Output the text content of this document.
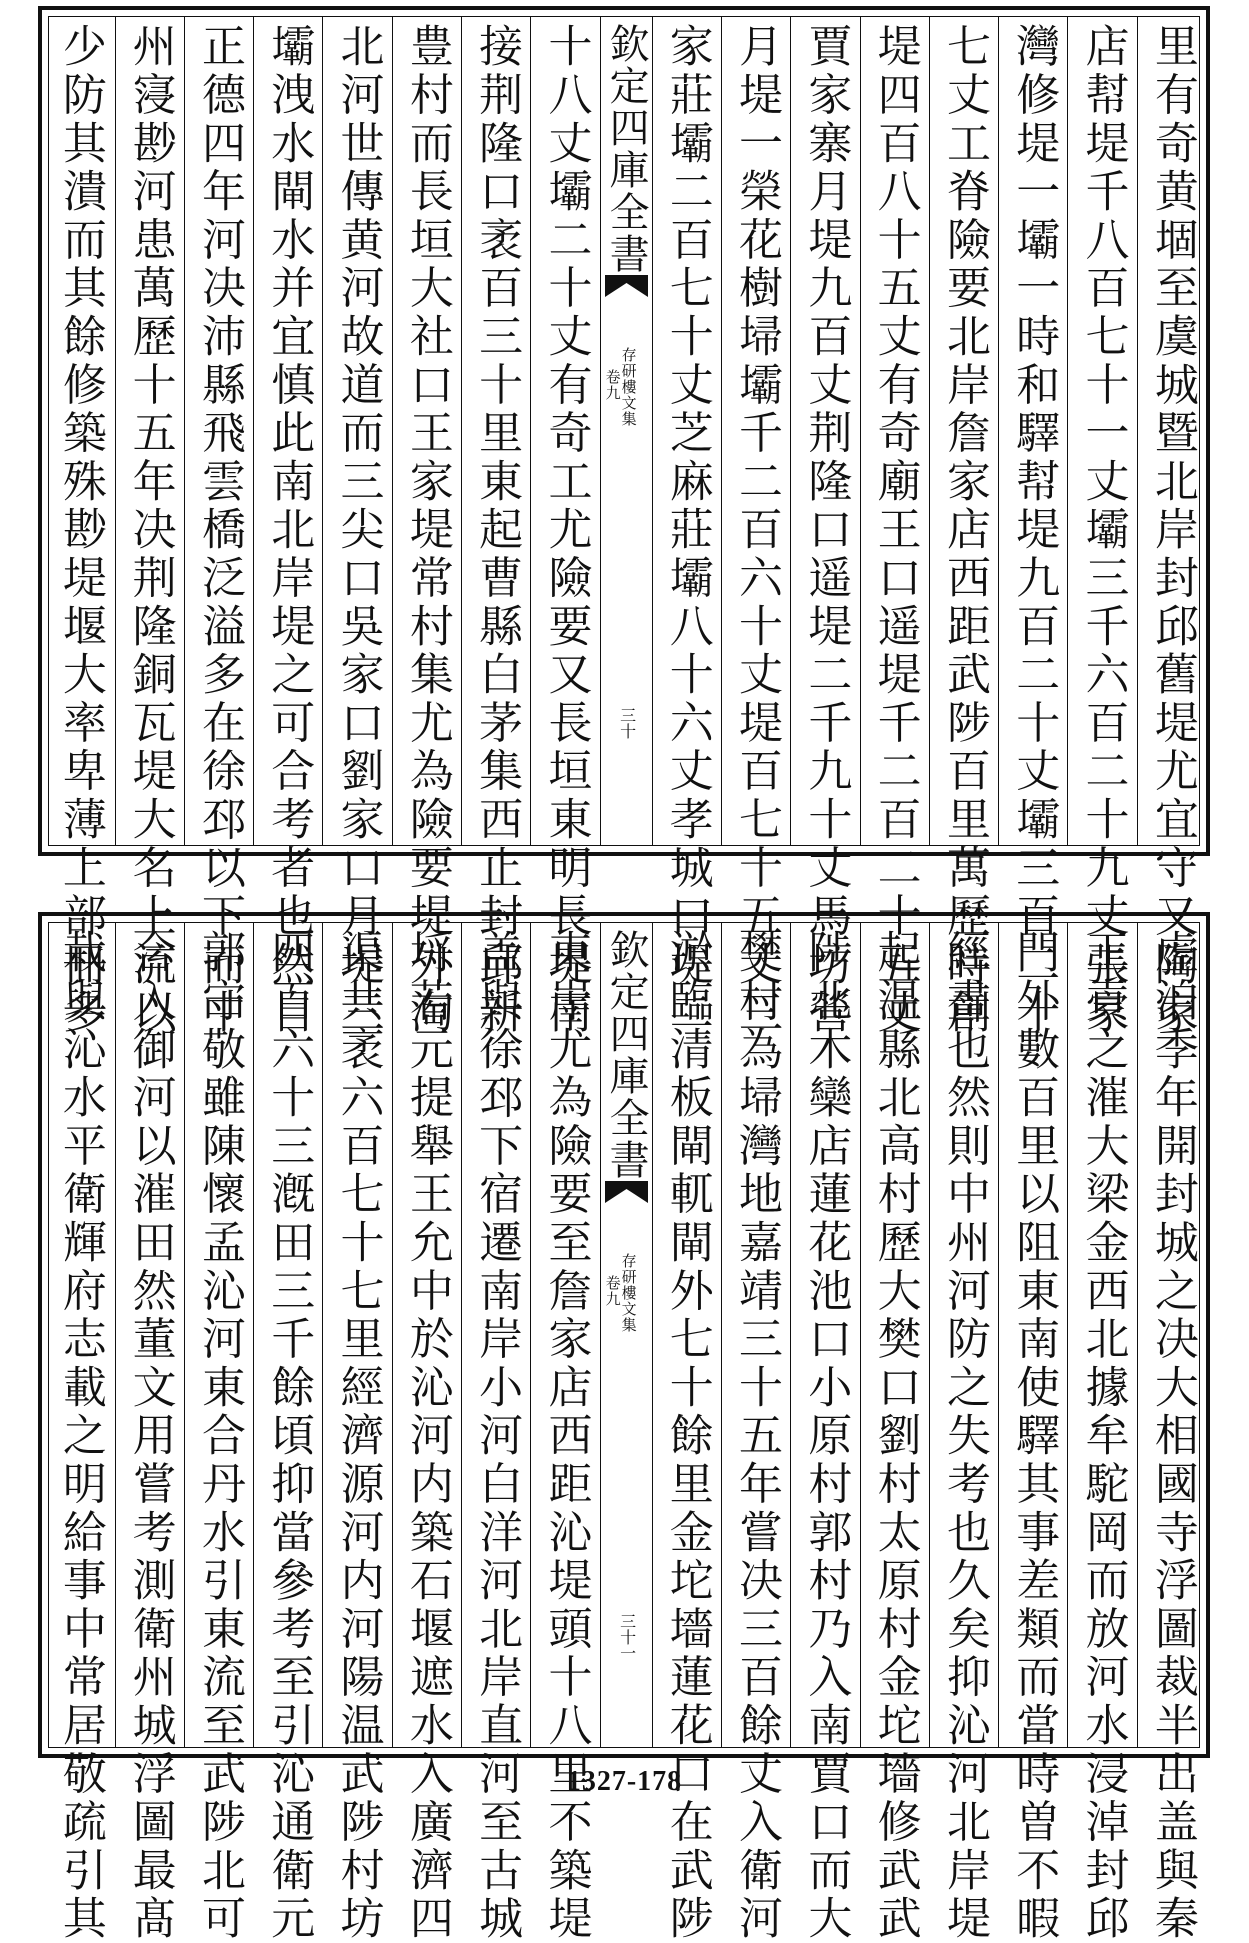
里有奇黄堌至虞城暨北岸封邱舊堤尤宜守又陶家
店幇堤千八百七十一丈壩三千六百二十九丈張家
灣修堤一壩一時和驛幇堤九百二十丈壩三百二十
七丈工脊險要北岸詹家店西距武陟百里萬歷時創
堤四百八十五丈有奇廟王口遥堤千二百二十五丈
賈家寨月堤九百丈荆隆口遥堤二千九十丈馬坊營
月堤一榮花樹埽壩千二百六十丈堤百七十五丈三
家莊壩二百七十丈芝麻莊壩八十六丈孝城口堤二
欽定四庫全書
存研樓文集
卷九
三十
十八丈壩二十丈有奇工尤險要又長垣東明長堤南
接荆隆口袤百三十里東起曹縣白茅集西止封邱新
豊村而長垣大社口王家堤常村集尤為險要堤外淘
北河世傳黄河故道而三尖口吳家口劉家口月堤三
壩洩水閘水并宜慎此南北岸堤之可合考者也然自
正德四年河决沛縣飛雲橋泛溢多在徐邳以下而中
州寖尠河患萬歷十五年决荆隆銅瓦堤大名上流以
少防其潰而其餘修築殊尠堤堰大率卑薄上部冊多
虚洎季年開封城之决大相國寺浮圖裁半出盖與秦
王貢之漼大梁金西北據牟駝岡而放河水浸淖封邱
門外數百里以阻東南使驛其事差類而當時曽不暇
經畫也然則中州河防之失考也久矣抑沁河北岸堤
起温縣北高村歷大樊口劉村太原村金坨墻修武武
陟北木欒店蓮花池口小原村郭村乃入南賈口而大
樊村為埽灣地嘉靖三十五年嘗决三百餘丈入衛河
淤臨清板閘軏閘外七十餘里金坨墻蓮花口在武陟
欽定四庫全書
存研樓文集
卷九
三十一
東岸尤為險要至詹家店西距沁堤頭十八里不築堤
盖與徐邳下宿遷南岸小河白洋河北岸直河至古城
埒若元提舉王允中於沁河内築石堰遮水入廣濟四
渠共袤六百七十七里經濟源河内河陽温武陟村坊
四百六十三漑田三千餘頃抑當參考至引沁通衛元
郭守敬雖陳懷孟沁河東合丹水引東流至武陟北可
合入御河以漼田然董文用嘗考測衛州城浮圖最髙
栽與沁水平衛輝府志載之明給事中常居敬疏引其	1327-178
